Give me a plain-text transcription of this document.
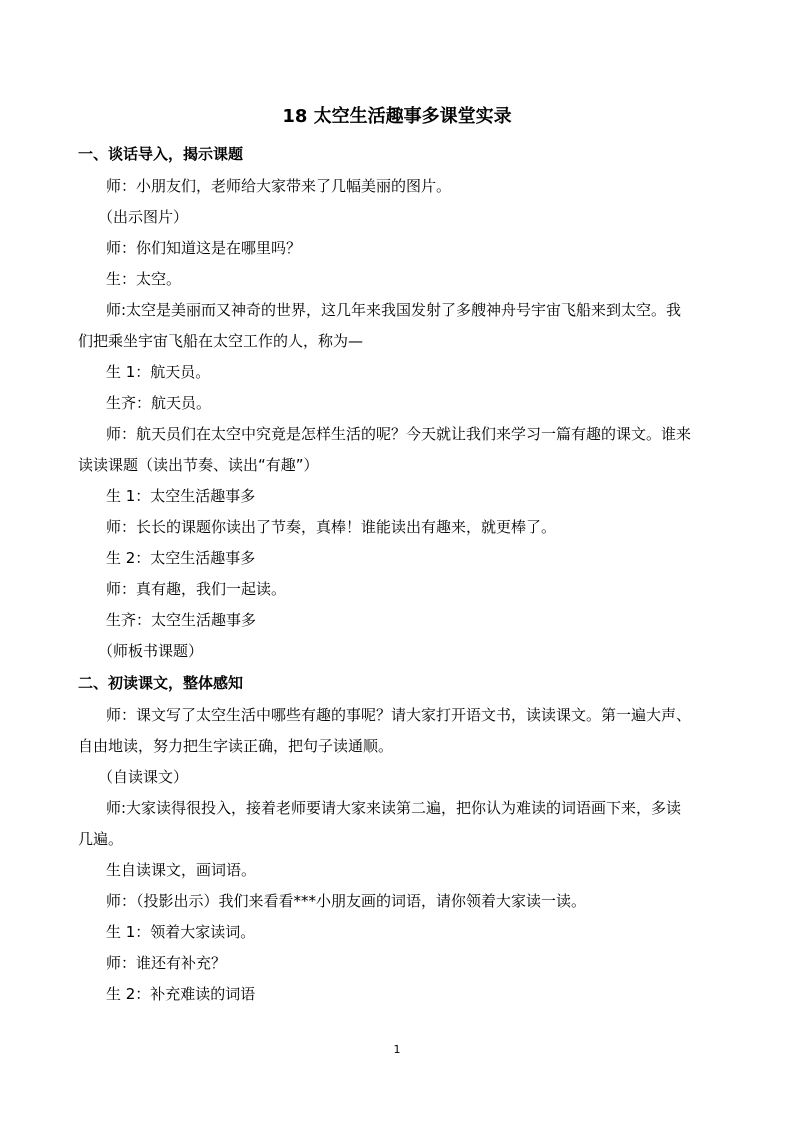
18 太空生活趣事多课堂实录
一、谈话导入，揭示课题
师：小朋友们，老师给大家带来了几幅美丽的图片。
（出示图片）
师：你们知道这是在哪里吗？
生：太空。
师:太空是美丽而又神奇的世界，这几年来我国发射了多艘神舟号宇宙飞船来到太空。我
们把乘坐宇宙飞船在太空工作的人，称为—
生 1：航天员。
生齐：航天员。
师：航天员们在太空中究竟是怎样生活的呢？今天就让我们来学习一篇有趣的课文。谁来
读读课题（读出节奏、读出“有趣”）
生 1：太空生活趣事多
师：长长的课题你读出了节奏，真棒！谁能读出有趣来，就更棒了。
生 2：太空生活趣事多
师：真有趣，我们一起读。
生齐：太空生活趣事多
（师板书课题）
二、初读课文，整体感知
师：课文写了太空生活中哪些有趣的事呢？请大家打开语文书，读读课文。第一遍大声、
自由地读，努力把生字读正确，把句子读通顺。
（自读课文）
师:大家读得很投入，接着老师要请大家来读第二遍，把你认为难读的词语画下来，多读
几遍。
生自读课文，画词语。
师：（投影出示）我们来看看***小朋友画的词语，请你领着大家读一读。
生 1：领着大家读词。
师：谁还有补充？
生 2：补充难读的词语
1
